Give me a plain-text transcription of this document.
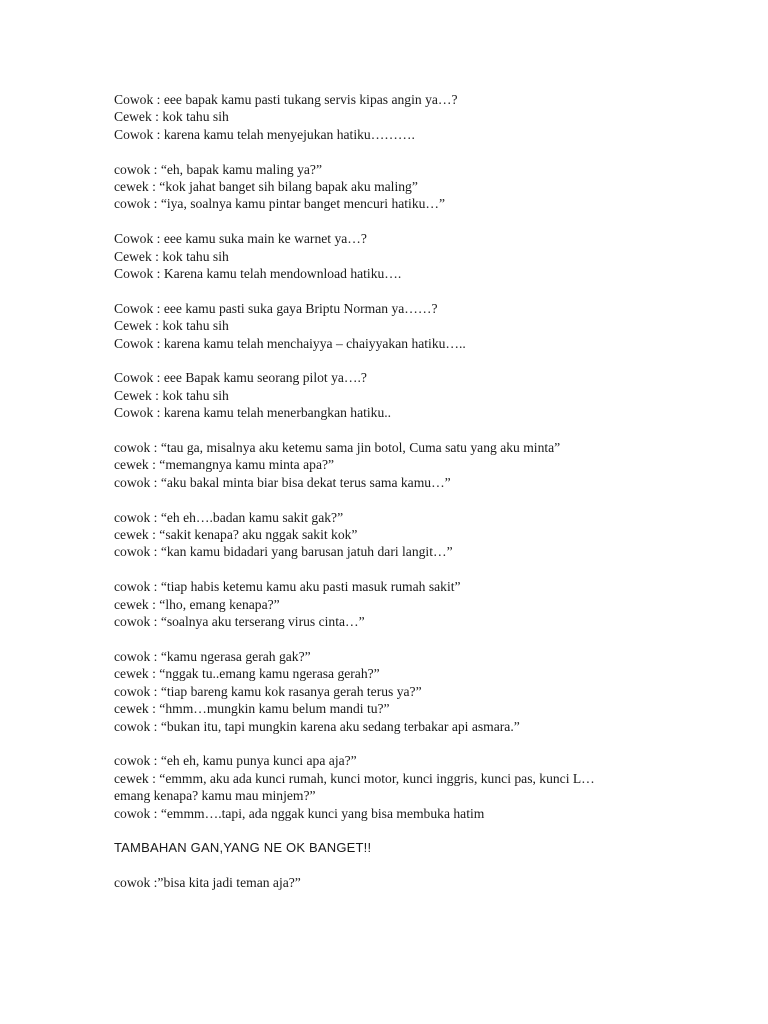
Cowok : eee bapak kamu pasti tukang servis kipas angin ya…?
Cewek : kok tahu sih
Cowok : karena kamu telah menyejukan hatiku……….
cowok : “eh, bapak kamu maling ya?”
cewek : “kok jahat banget sih bilang bapak aku maling”
cowok : “iya, soalnya kamu pintar banget mencuri hatiku…”
Cowok : eee kamu suka main ke warnet ya…?
Cewek : kok tahu sih
Cowok : Karena kamu telah mendownload hatiku….
Cowok : eee kamu pasti suka gaya Briptu Norman ya……?
Cewek : kok tahu sih
Cowok : karena kamu telah menchaiyya – chaiyyakan hatiku…..
Cowok : eee Bapak kamu seorang pilot ya….?
Cewek : kok tahu sih
Cowok : karena kamu telah menerbangkan hatiku..
cowok : “tau ga, misalnya aku ketemu sama jin botol, Cuma satu yang aku minta”
cewek : “memangnya kamu minta apa?”
cowok : “aku bakal minta biar bisa dekat terus sama kamu…”
cowok : “eh eh….badan kamu sakit gak?”
cewek : “sakit kenapa? aku nggak sakit kok”
cowok : “kan kamu bidadari yang barusan jatuh dari langit…”
cowok : “tiap habis ketemu kamu aku pasti masuk rumah sakit”
cewek : “lho, emang kenapa?”
cowok : “soalnya aku terserang virus cinta…”
cowok : “kamu ngerasa gerah gak?”
cewek : “nggak tu..emang kamu ngerasa gerah?”
cowok : “tiap bareng kamu kok rasanya gerah terus ya?”
cewek : “hmm…mungkin kamu belum mandi tu?”
cowok : “bukan itu, tapi mungkin karena aku sedang terbakar api asmara.”
cowok : “eh eh, kamu punya kunci apa aja?”
cewek : “emmm, aku ada kunci rumah, kunci motor, kunci inggris, kunci pas, kunci L…
emang kenapa? kamu mau minjem?”
cowok : “emmm….tapi, ada nggak kunci yang bisa membuka hatim
TAMBAHAN GAN,YANG NE OK BANGET!!
cowok :”bisa kita jadi teman aja?”
